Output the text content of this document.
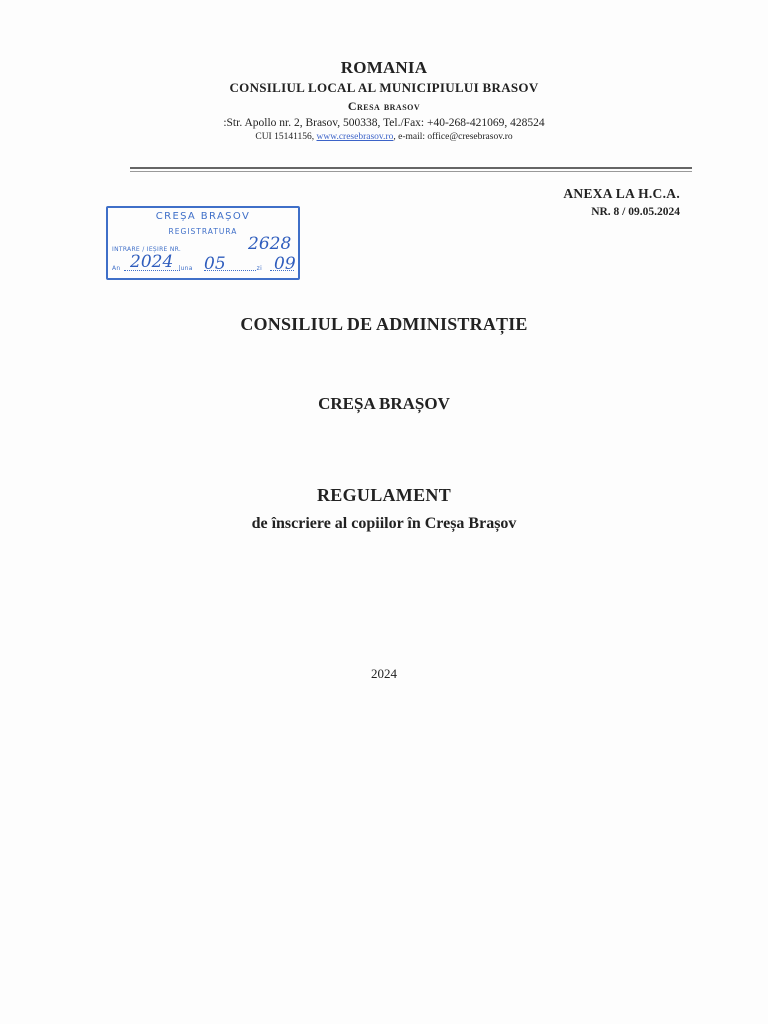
ROMANIA
CONSILIUL LOCAL AL MUNICIPIULUI BRASOV
Cresa brasov
:Str. Apollo nr. 2, Brasov, 500338, Tel./Fax: +40-268-421069, 428524
CUI 15141156, www.cresebrasov.ro, e-mail: office@cresebrasov.ro
ANEXA LA H.C.A.
NR. 8 / 09.05.2024
CREȘA BRAȘOV
REGISTRATURA
INTRARE / IEȘIRE NR.	2628
An	luna	zi
2024 05	09
CONSILIUL DE ADMINISTRAȚIE
CREȘA BRAȘOV
REGULAMENT
de înscriere al copiilor în Creșa Brașov
2024
